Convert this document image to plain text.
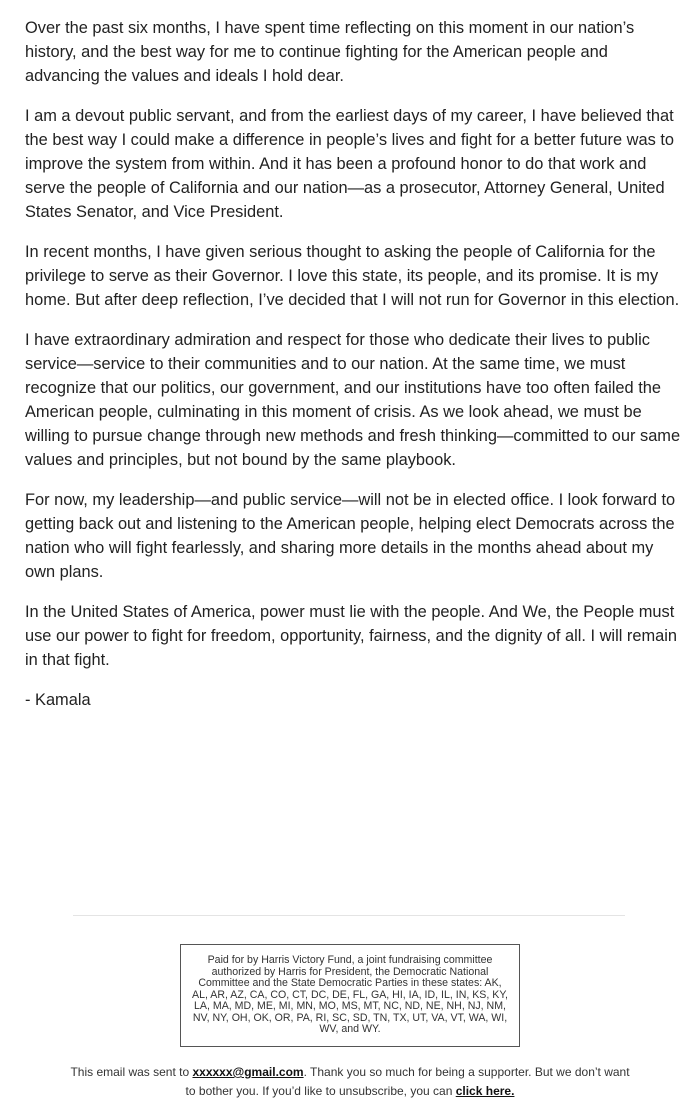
Over the past six months, I have spent time reflecting on this moment in our nation’s history, and the best way for me to continue fighting for the American people and advancing the values and ideals I hold dear.

I am a devout public servant, and from the earliest days of my career, I have believed that the best way I could make a difference in people’s lives and fight for a better future was to improve the system from within. And it has been a profound honor to do that work and serve the people of California and our nation—as a prosecutor, Attorney General, United States Senator, and Vice President.

In recent months, I have given serious thought to asking the people of California for the privilege to serve as their Governor. I love this state, its people, and its promise. It is my home. But after deep reflection, I’ve decided that I will not run for Governor in this election.

I have extraordinary admiration and respect for those who dedicate their lives to public service—service to their communities and to our nation. At the same time, we must recognize that our politics, our government, and our institutions have too often failed the American people, culminating in this moment of crisis. As we look ahead, we must be willing to pursue change through new methods and fresh thinking—committed to our same values and principles, but not bound by the same playbook.

For now, my leadership—and public service—will not be in elected office. I look forward to getting back out and listening to the American people, helping elect Democrats across the nation who will fight fearlessly, and sharing more details in the months ahead about my own plans.

In the United States of America, power must lie with the people. And We, the People must use our power to fight for freedom, opportunity, fairness, and the dignity of all. I will remain in that fight.

- Kamala

Paid for by Harris Victory Fund, a joint fundraising committee authorized by Harris for President, the Democratic National Committee and the State Democratic Parties in these states: AK, AL, AR, AZ, CA, CO, CT, DC, DE, FL, GA, HI, IA, ID, IL, IN, KS, KY, LA, MA, MD, ME, MI, MN, MO, MS, MT, NC, ND, NE, NH, NJ, NM, NV, NY, OH, OK, OR, PA, RI, SC, SD, TN, TX, UT, VA, VT, WA, WI, WV, and WY.
This email was sent to xxxxxx@gmail.com. Thank you so much for being a supporter. But we don’t want to bother you. If you’d like to unsubscribe, you can click here.
